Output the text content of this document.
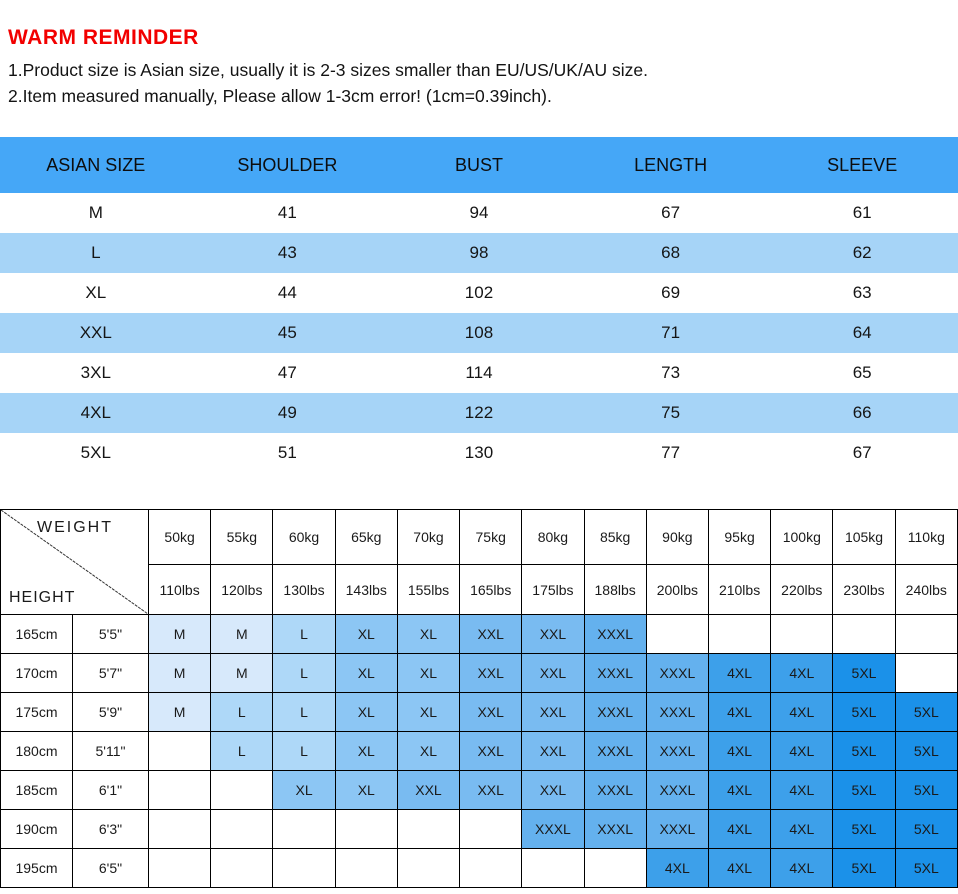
WARM REMINDER

1.Product size is Asian size, usually it is 2-3 sizes smaller than EU/US/UK/AU size.

2.Item measured manually, Please allow 1-3cm error! (1cm=0.39inch).

ASIAN SIZE	SHOULDER	BUST	LENGTH	SLEEVE
M	41	94	67	61
L	43	98	68	62
XL	44	102	69	63
XXL	45	108	71	64
3XL	47	114	73	65
4XL	49	122	75	66
5XL	51	130	77	67
WEIGHT
HEIGHT		50kg	55kg	60kg	65kg	70kg	75kg	80kg	85kg	90kg	95kg	100kg	105kg	110kg
		110lbs	120lbs	130lbs	143lbs	155lbs	165lbs	175lbs	188lbs	200lbs	210lbs	220lbs	230lbs	240lbs
165cm	5'5"	M	M	L	XL	XL	XXL	XXL	XXXL					
170cm	5'7"	M	M	L	XL	XL	XXL	XXL	XXXL	XXXL	4XL	4XL	5XL	
175cm	5'9"	M	L	L	XL	XL	XXL	XXL	XXXL	XXXL	4XL	4XL	5XL	5XL
180cm	5'11"		L	L	XL	XL	XXL	XXL	XXXL	XXXL	4XL	4XL	5XL	5XL
185cm	6'1"			XL	XL	XXL	XXL	XXL	XXXL	XXXL	4XL	4XL	5XL	5XL
190cm	6'3"							XXXL	XXXL	XXXL	4XL	4XL	5XL	5XL
195cm	6'5"									4XL	4XL	4XL	5XL	5XL
